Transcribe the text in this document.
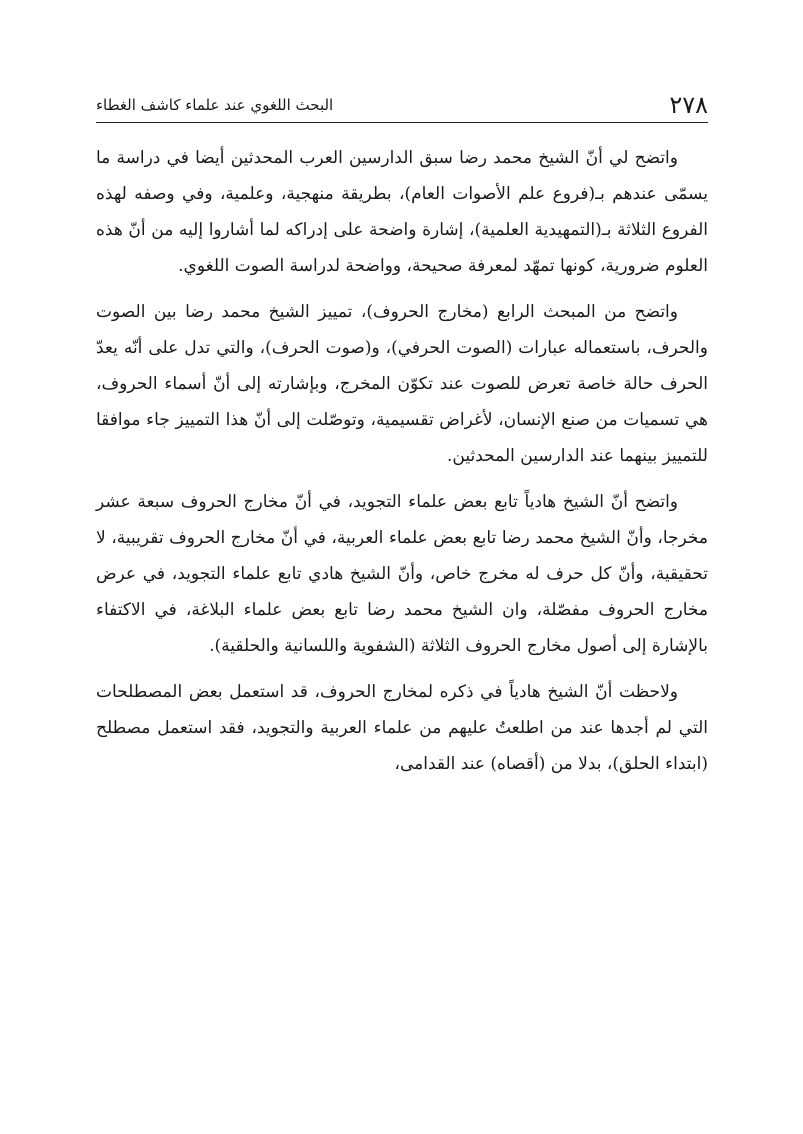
٢٧٨
البحث اللغوي عند علماء كاشف الغطاء

واتضح لي أنّ الشيخ محمد رضا سبق الدارسين العرب المحدثين أيضا في دراسة ما يسمّى عندهم بـ(فروع علم الأصوات العام)، بطريقة منهجية، وعلمية، وفي وصفه لهذه الفروع الثلاثة بـ(التمهيدية العلمية)، إشارة واضحة على إدراكه لما أشاروا إليه من أنّ هذه العلوم ضرورية، كونها تمهّد لمعرفة صحيحة، وواضحة لدراسة الصوت اللغوي.

واتضح من المبحث الرابع (مخارج الحروف)، تمييز الشيخ محمد رضا بين الصوت والحرف، باستعماله عبارات (الصوت الحرفي)، و(صوت الحرف)، والتي تدل على أنّه يعدّ الحرف حالة خاصة تعرض للصوت عند تكوّن المخرج، وبإشارته إلى أنّ أسماء الحروف، هي تسميات من صنع الإنسان، لأغراض تقسيمية، وتوصّلت إلى أنّ هذا التمييز جاء موافقا للتمييز بينهما عند الدارسين المحدثين.

واتضح أنّ الشيخ هادياً تابع بعض علماء التجويد، في أنّ مخارج الحروف سبعة عشر مخرجا، وأنّ الشيخ محمد رضا تابع بعض علماء العربية، في أنّ مخارج الحروف تقريبية، لا تحقيقية، وأنّ كل حرف له مخرج خاص، وأنّ الشيخ هادي تابع علماء التجويد، في عرض مخارج الحروف مفصّلة، وان الشيخ محمد رضا تابع بعض علماء البلاغة، في الاكتفاء بالإشارة إلى أصول مخارج الحروف الثلاثة (الشفوية واللسانية والحلقية).

ولاحظت أنّ الشيخ هادياً في ذكره لمخارج الحروف، قد استعمل بعض المصطلحات التي لم أجدها عند من اطلعتُ عليهم من علماء العربية والتجويد، فقد استعمل مصطلح (ابتداء الحلق)، بدلا من (أقصاه) عند القدامى،
